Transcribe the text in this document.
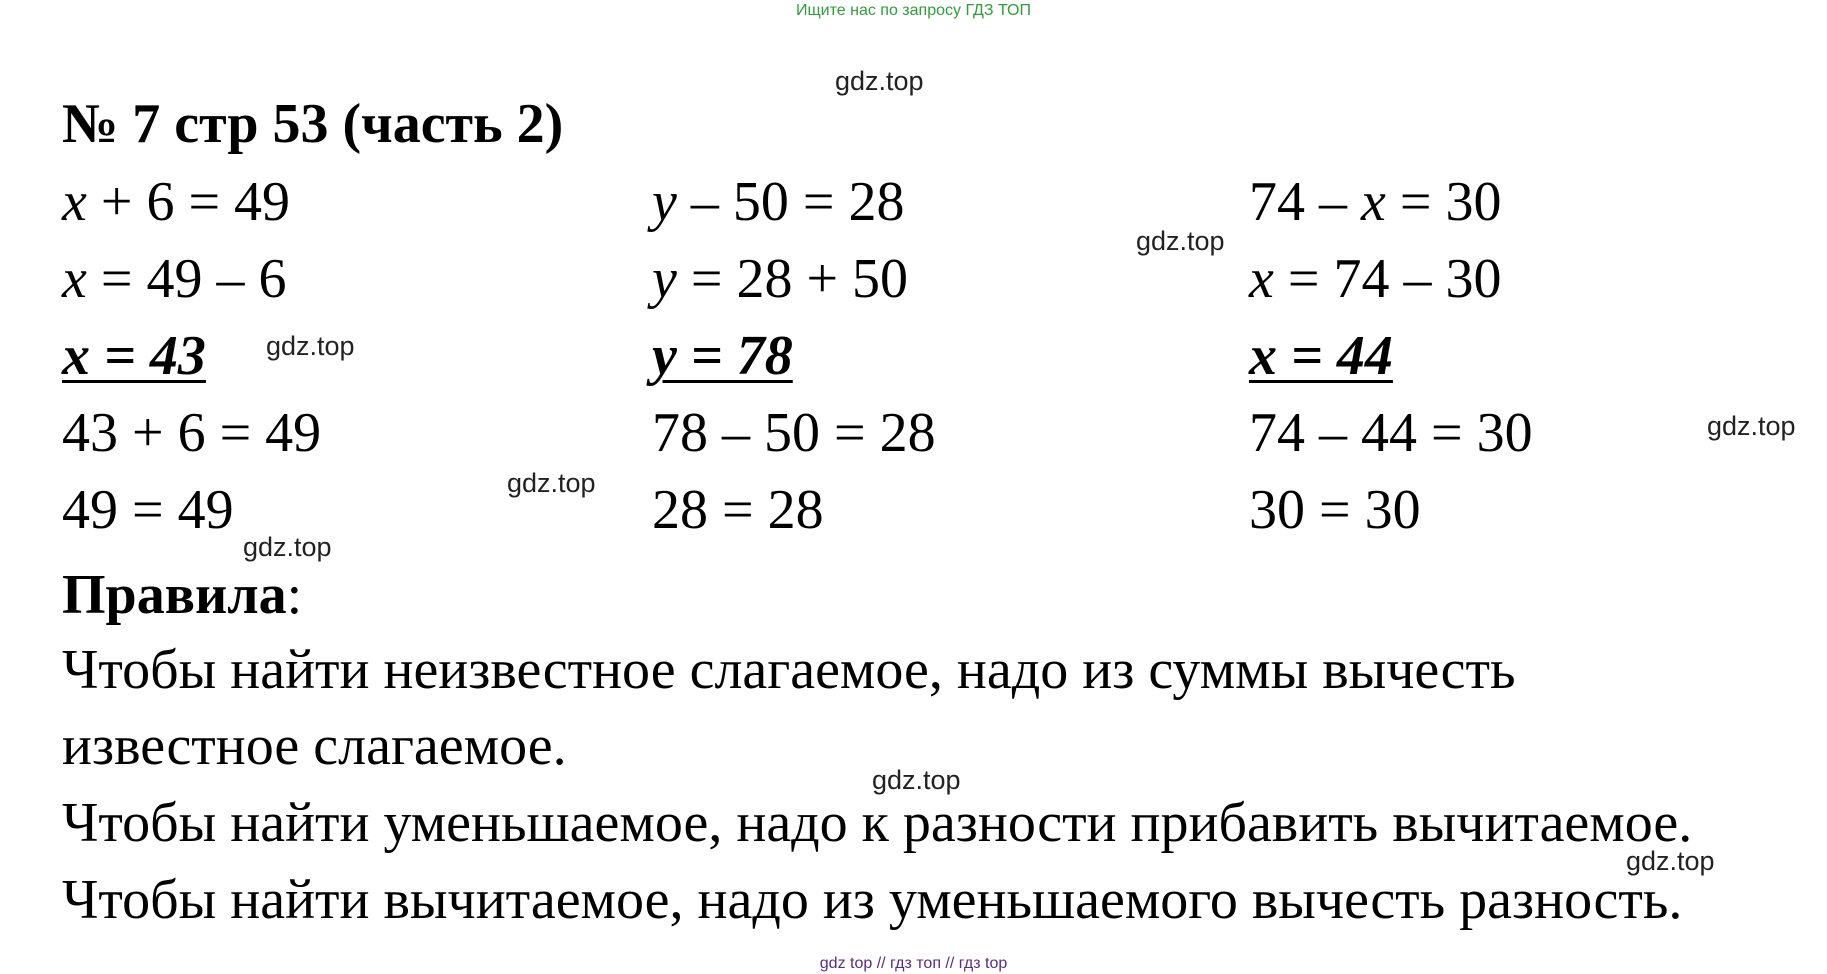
Ищите нас по запросу ГДЗ ТОП
gdz.top
gdz.top
gdz.top
gdz.top
gdz.top
gdz.top
gdz.top
gdz.top
№ 7 стр 53 (часть 2)
x + 6 = 49
x = 49 – 6
x = 43
43 + 6 = 49
49 = 49
y – 50 = 28
y = 28 + 50
y = 78
78 – 50 = 28
28 = 28
74 – x = 30
x = 74 – 30
x = 44
74 – 44 = 30
30 = 30
Правила:
Чтобы найти неизвестное слагаемое, надо из суммы вычесть
известное слагаемое.
Чтобы найти уменьшаемое, надо к разности прибавить вычитаемое.
Чтобы найти вычитаемое, надо из уменьшаемого вычесть разность.
gdz top // гдз топ // гдз top
